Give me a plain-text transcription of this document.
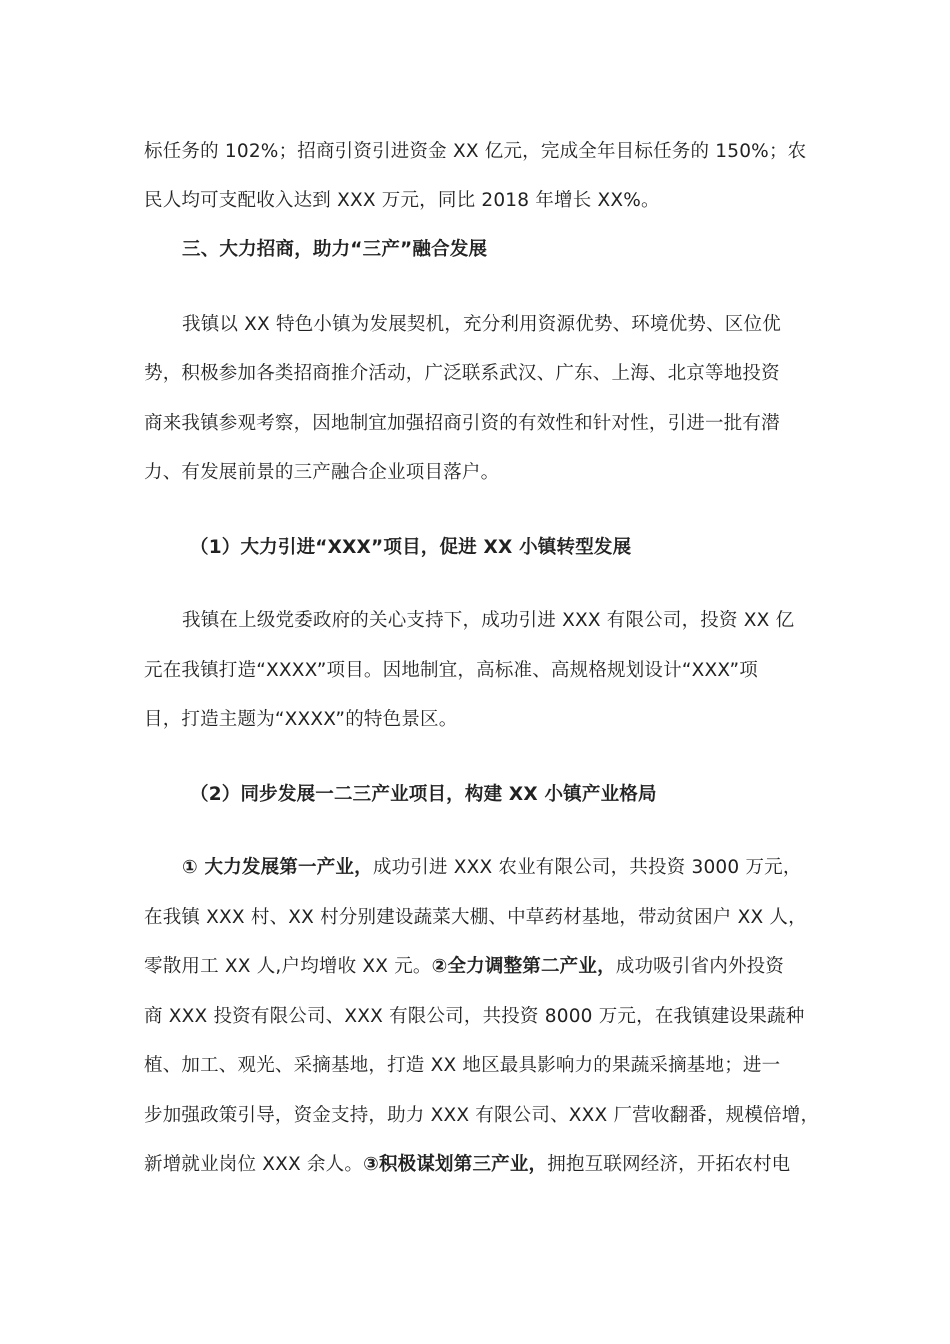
标任务的 102%；招商引资引进资金 XX 亿元，完成全年目标任务的 150%；农
民人均可支配收入达到 XXX 万元，同比 2018 年增长 XX%。
三、大力招商，助力“三产”融合发展
我镇以 XX 特色小镇为发展契机，充分利用资源优势、环境优势、区位优
势，积极参加各类招商推介活动，广泛联系武汉、广东、上海、北京等地投资
商来我镇参观考察，因地制宜加强招商引资的有效性和针对性，引进一批有潜
力、有发展前景的三产融合企业项目落户。
（1）大力引进“XXX”项目，促进 XX 小镇转型发展
我镇在上级党委政府的关心支持下，成功引进 XXX 有限公司，投资 XX 亿
元在我镇打造“XXXX”项目。因地制宜，高标准、高规格规划设计“XXX”项
目，打造主题为“XXXX”的特色景区。
（2）同步发展一二三产业项目，构建 XX 小镇产业格局
① 大力发展第一产业，成功引进 XXX 农业有限公司，共投资 3000 万元，
在我镇 XXX 村、XX 村分别建设蔬菜大棚、中草药材基地，带动贫困户 XX 人，
零散用工 XX 人,户均增收 XX 元。②全力调整第二产业，成功吸引省内外投资
商 XXX 投资有限公司、XXX 有限公司，共投资 8000 万元，在我镇建设果蔬种
植、加工、观光、采摘基地，打造 XX 地区最具影响力的果蔬采摘基地；进一
步加强政策引导，资金支持，助力 XXX 有限公司、XXX 厂营收翻番，规模倍增，
新增就业岗位 XXX 余人。③积极谋划第三产业，拥抱互联网经济，开拓农村电
